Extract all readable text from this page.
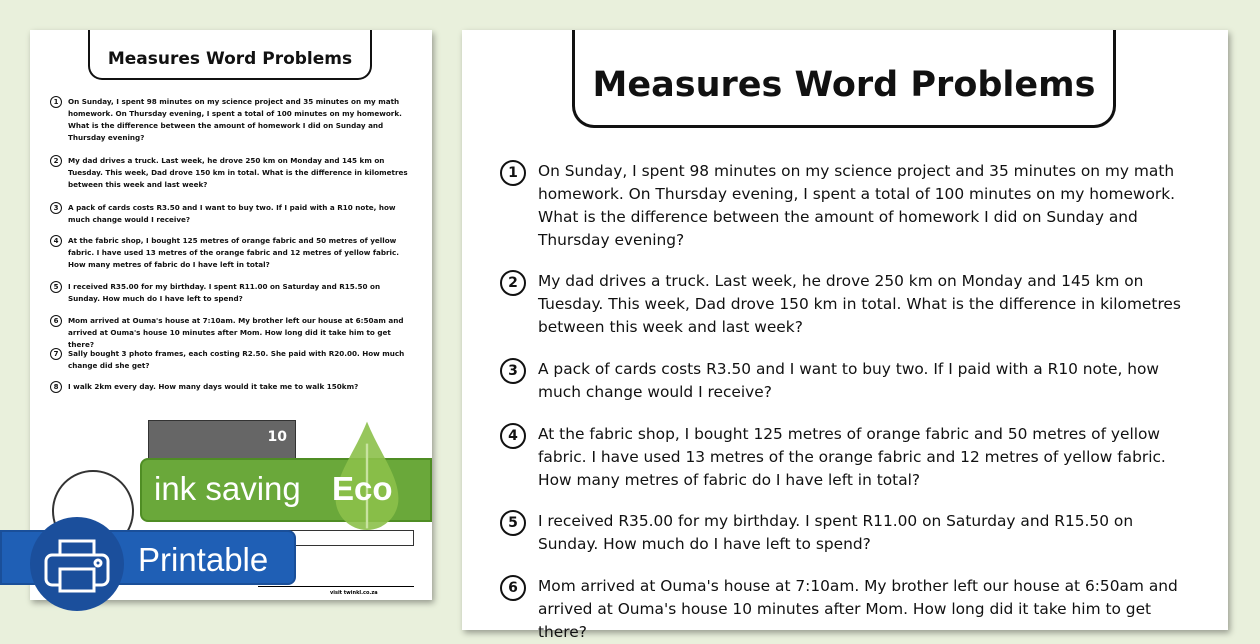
Measures Word Problems
1	On Sunday, I spent 98 minutes on my science project and 35 minutes on my math homework. On Thursday evening, I spent a total of 100 minutes on my homework. What is the difference between the amount of homework I did on Sunday and Thursday evening?
2	My dad drives a truck. Last week, he drove 250 km on Monday and 145 km on Tuesday. This week, Dad drove 150 km in total. What is the difference in kilometres between this week and last week?
3	A pack of cards costs R3.50 and I want to buy two. If I paid with a R10 note, how much change would I receive?
4	At the fabric shop, I bought 125 metres of orange fabric and 50 metres of yellow fabric. I have used 13 metres of the orange fabric and 12 metres of yellow fabric. How many metres of fabric do I have left in total?
5	I received R35.00 for my birthday. I spent R11.00 on Saturday and R15.50 on Sunday. How much do I have left to spend?
6	Mom arrived at Ouma's house at 7:10am. My brother left our house at 6:50am and arrived at Ouma's house 10 minutes after Mom. How long did it take him to get there?
7	Sally bought 3 photo frames, each costing R2.50. She paid with R20.00. How much change did she get?
8	I walk 2km every day. How many days would it take me to walk 150km?
10
visit twinkl.co.za
Measures Word Problems
1	On Sunday, I spent 98 minutes on my science project and 35 minutes on my math homework. On Thursday evening, I spent a total of 100 minutes on my homework. What is the difference between the amount of homework I did on Sunday and Thursday evening?
2	My dad drives a truck. Last week, he drove 250 km on Monday and 145 km on Tuesday. This week, Dad drove 150 km in total. What is the difference in kilometres between this week and last week?
3	A pack of cards costs R3.50 and I want to buy two. If I paid with a R10 note, how much change would I receive?
4	At the fabric shop, I bought 125 metres of orange fabric and 50 metres of yellow fabric. I have used 13 metres of the orange fabric and 12 metres of yellow fabric. How many metres of fabric do I have left in total?
5	I received R35.00 for my birthday. I spent R11.00 on Saturday and R15.50 on Sunday. How much do I have left to spend?
6	Mom arrived at Ouma's house at 7:10am. My brother left our house at 6:50am and arrived at Ouma's house 10 minutes after Mom. How long did it take him to get there?
Printable
ink saving Eco
